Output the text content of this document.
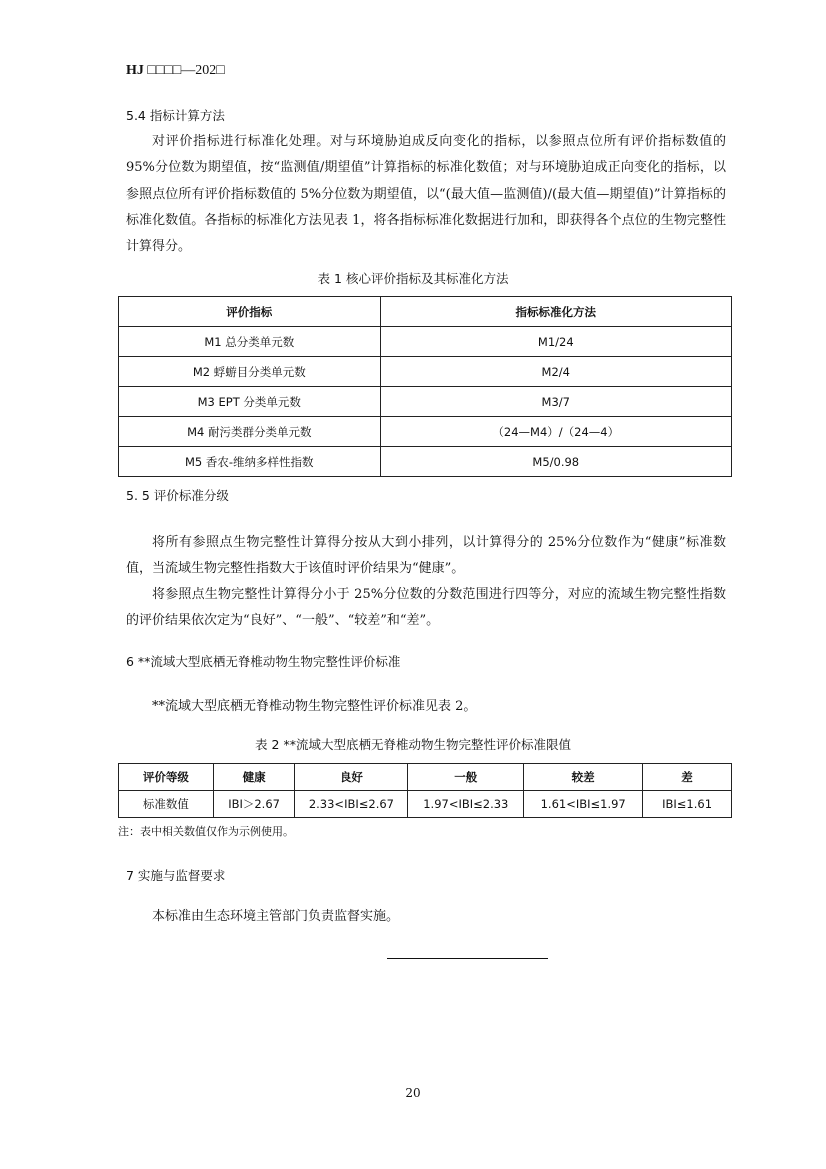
HJ □□□□—202□
5.4 指标计算方法
对评价指标进行标准化处理。对与环境胁迫成反向变化的指标，以参照点位所有评价指标数值的 95%分位数为期望值，按“监测值/期望值”计算指标的标准化数值；对与环境胁迫成正向变化的指标，以参照点位所有评价指标数值的 5%分位数为期望值，以“(最大值—监测值)/(最大值—期望值)”计算指标的标准化数值。各指标的标准化方法见表 1，将各指标标准化数据进行加和，即获得各个点位的生物完整性计算得分。
表 1 核心评价指标及其标准化方法
评价指标	指标标准化方法
M1 总分类单元数	M1/24
M2 蜉蝣目分类单元数	M2/4
M3 EPT 分类单元数	M3/7
M4 耐污类群分类单元数	（24—M4）/（24—4）
M5 香农-维纳多样性指数	M5/0.98
5. 5 评价标准分级
将所有参照点生物完整性计算得分按从大到小排列，以计算得分的 25%分位数作为“健康”标准数值，当流域生物完整性指数大于该值时评价结果为“健康”。
将参照点生物完整性计算得分小于 25%分位数的分数范围进行四等分，对应的流域生物完整性指数的评价结果依次定为“良好”、“一般”、“较差”和“差”。
6 **流域大型底栖无脊椎动物生物完整性评价标准
**流域大型底栖无脊椎动物生物完整性评价标准见表 2。
表 2 **流域大型底栖无脊椎动物生物完整性评价标准限值
评价等级	健康	良好	一般	较差	差
标准数值	IBI＞2.67	2.33<IBI≤2.67	1.97<IBI≤2.33	1.61<IBI≤1.97	IBI≤1.61
注：表中相关数值仅作为示例使用。
7 实施与监督要求
本标准由生态环境主管部门负责监督实施。
20
